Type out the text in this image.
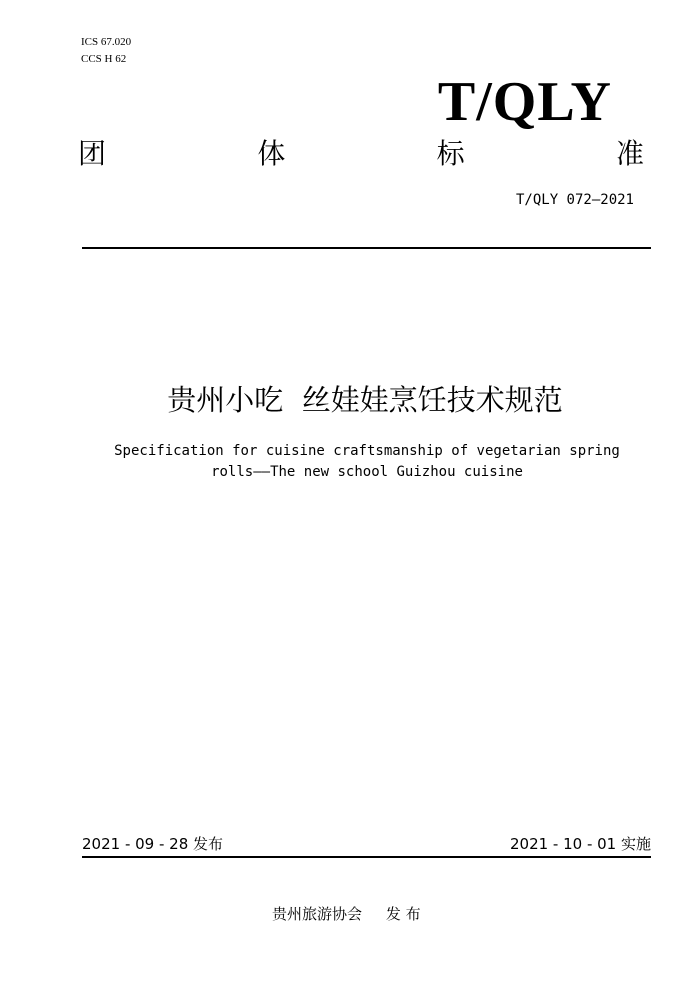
ICS 67.020
CCS H 62
T/QLY
团	体	标	准
T/QLY 072—2021
贵州小吃  丝娃娃烹饪技术规范
Specification for cuisine craftsmanship of vegetarian spring
rolls——The new school Guizhou cuisine
2021 - 09 - 28 发布	2021 - 10 - 01 实施
贵州旅游协会     发 布
